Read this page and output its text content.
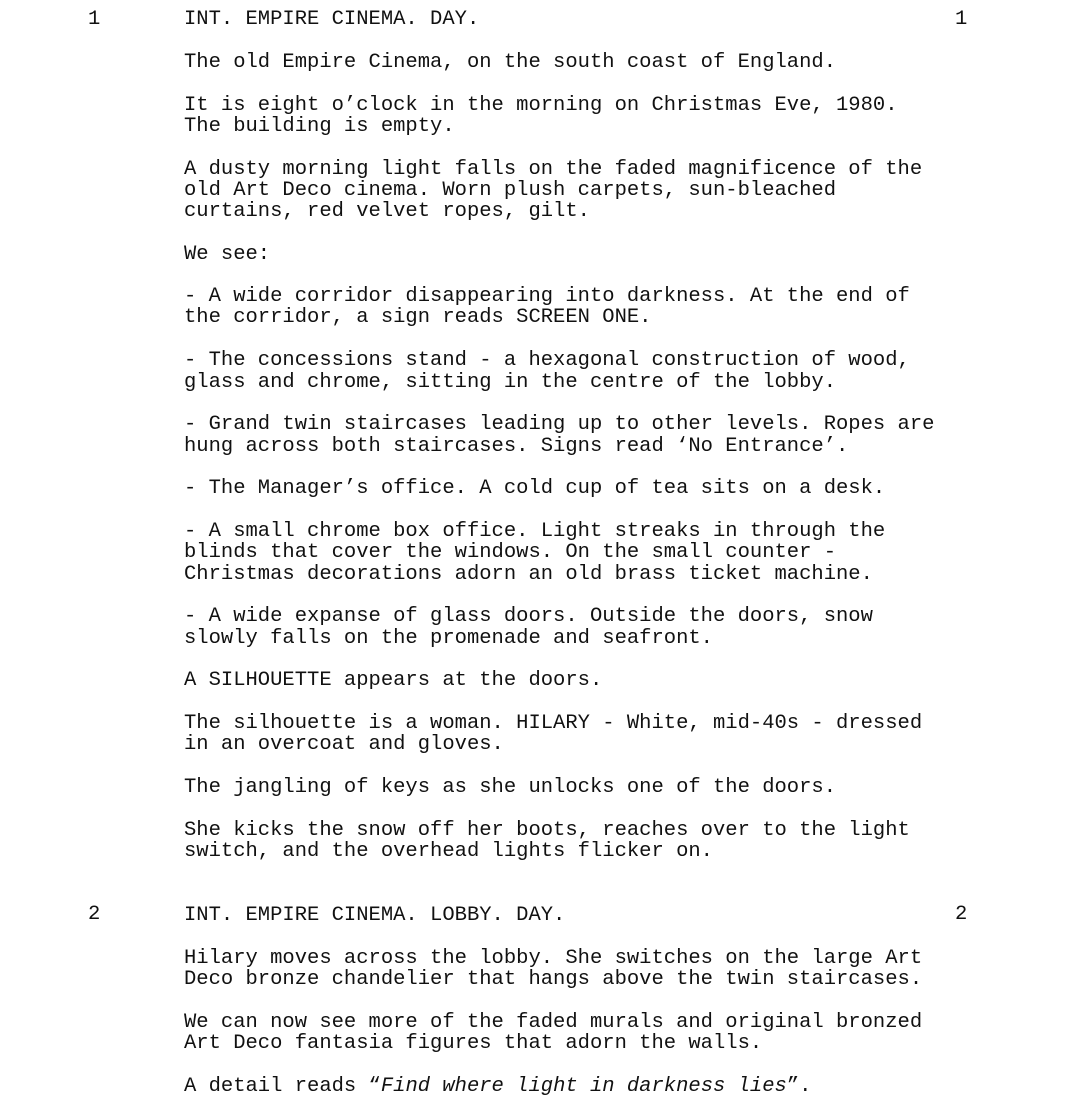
1	INT. EMPIRE CINEMA. DAY.	1
The old Empire Cinema, on the south coast of England.
It is eight o’clock in the morning on Christmas Eve, 1980.
The building is empty.
A dusty morning light falls on the faded magnificence of the
old Art Deco cinema. Worn plush carpets, sun-bleached
curtains, red velvet ropes, gilt.
We see:
- A wide corridor disappearing into darkness. At the end of
the corridor, a sign reads SCREEN ONE.
- The concessions stand - a hexagonal construction of wood,
glass and chrome, sitting in the centre of the lobby.
- Grand twin staircases leading up to other levels. Ropes are
hung across both staircases. Signs read ‘No Entrance’.
- The Manager’s office. A cold cup of tea sits on a desk.
- A small chrome box office. Light streaks in through the
blinds that cover the windows. On the small counter -
Christmas decorations adorn an old brass ticket machine.
- A wide expanse of glass doors. Outside the doors, snow
slowly falls on the promenade and seafront.
A SILHOUETTE appears at the doors.
The silhouette is a woman. HILARY - White, mid-40s - dressed
in an overcoat and gloves.
The jangling of keys as she unlocks one of the doors.
She kicks the snow off her boots, reaches over to the light
switch, and the overhead lights flicker on.
2	INT. EMPIRE CINEMA. LOBBY. DAY.	2
Hilary moves across the lobby. She switches on the large Art
Deco bronze chandelier that hangs above the twin staircases.
We can now see more of the faded murals and original bronzed
Art Deco fantasia figures that adorn the walls.
A detail reads “Find where light in darkness lies”.
